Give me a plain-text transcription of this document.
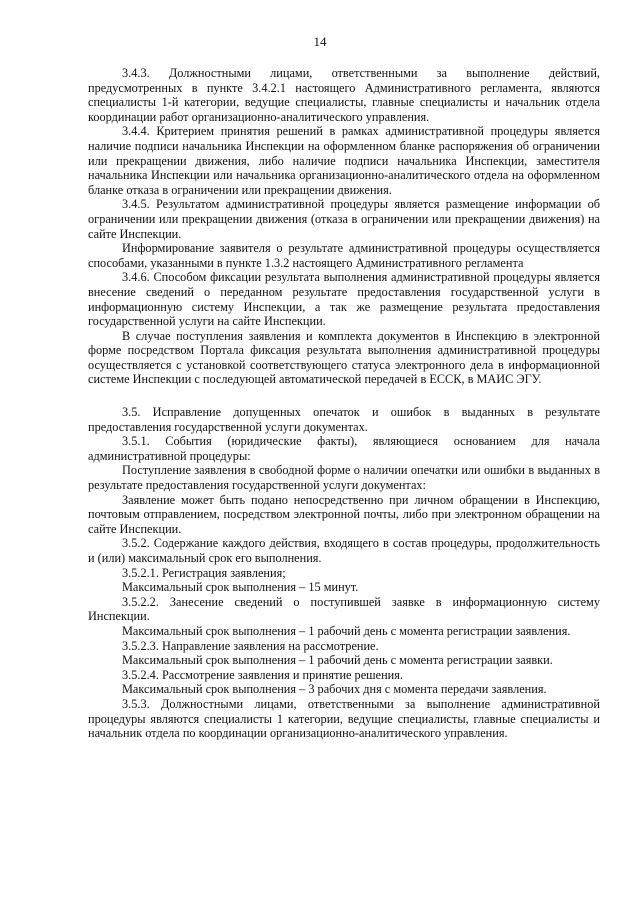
14

3.4.3. Должностными лицами, ответственными за выполнение действий, предусмотренных в пункте 3.4.2.1 настоящего Административного регламента, являются специалисты 1-й категории, ведущие специалисты, главные специалисты и начальник отдела координации работ организационно-аналитического управления.

3.4.4. Критерием принятия решений в рамках административной процедуры является наличие подписи начальника Инспекции на оформленном бланке распоряжения об ограничении или прекращении движения, либо наличие подписи начальника Инспекции, заместителя начальника Инспекции или начальника организационно-аналитического отдела на оформленном бланке отказа в ограничении или прекращении движения.

3.4.5. Результатом административной процедуры является размещение информации об ограничении или прекращении движения (отказа в ограничении или прекращении движения) на сайте Инспекции.

Информирование заявителя о результате административной процедуры осуществляется способами, указанными в пункте 1.3.2 настоящего Административного регламента

3.4.6. Способом фиксации результата выполнения административной процедуры является внесение сведений о переданном результате предоставления государственной услуги в информационную систему Инспекции, а так же размещение результата предоставления государственной услуги на сайте Инспекции.

В случае поступления заявления и комплекта документов в Инспекцию в электронной форме посредством Портала фиксация результата выполнения административной процедуры осуществляется с установкой соответствующего статуса электронного дела в информационной системе Инспекции с последующей автоматической передачей в ЕССК, в МАИС ЭГУ.

3.5. Исправление допущенных опечаток и ошибок в выданных в результате предоставления государственной услуги документах.

3.5.1. События (юридические факты), являющиеся основанием для начала административной процедуры:

Поступление заявления в свободной форме о наличии опечатки или ошибки в выданных в результате предоставления государственной услуги документах:

Заявление может быть подано непосредственно при личном обращении в Инспекцию, почтовым отправлением, посредством электронной почты, либо при электронном обращении на сайте Инспекции.

3.5.2. Содержание каждого действия, входящего в состав процедуры, продолжительность и (или) максимальный срок его выполнения.

3.5.2.1. Регистрация заявления;

Максимальный срок выполнения – 15 минут.

3.5.2.2. Занесение сведений о поступившей заявке в информационную систему Инспекции.

Максимальный срок выполнения – 1 рабочий день с момента регистрации заявления.

3.5.2.3. Направление заявления на рассмотрение.

Максимальный срок выполнения – 1 рабочий день с момента регистрации заявки.

3.5.2.4. Рассмотрение заявления и принятие решения.

Максимальный срок выполнения – 3 рабочих дня с момента передачи заявления.

3.5.3. Должностными лицами, ответственными за выполнение административной процедуры являются специалисты 1 категории, ведущие специалисты, главные специалисты и начальник отдела по координации организационно-аналитического управления.
